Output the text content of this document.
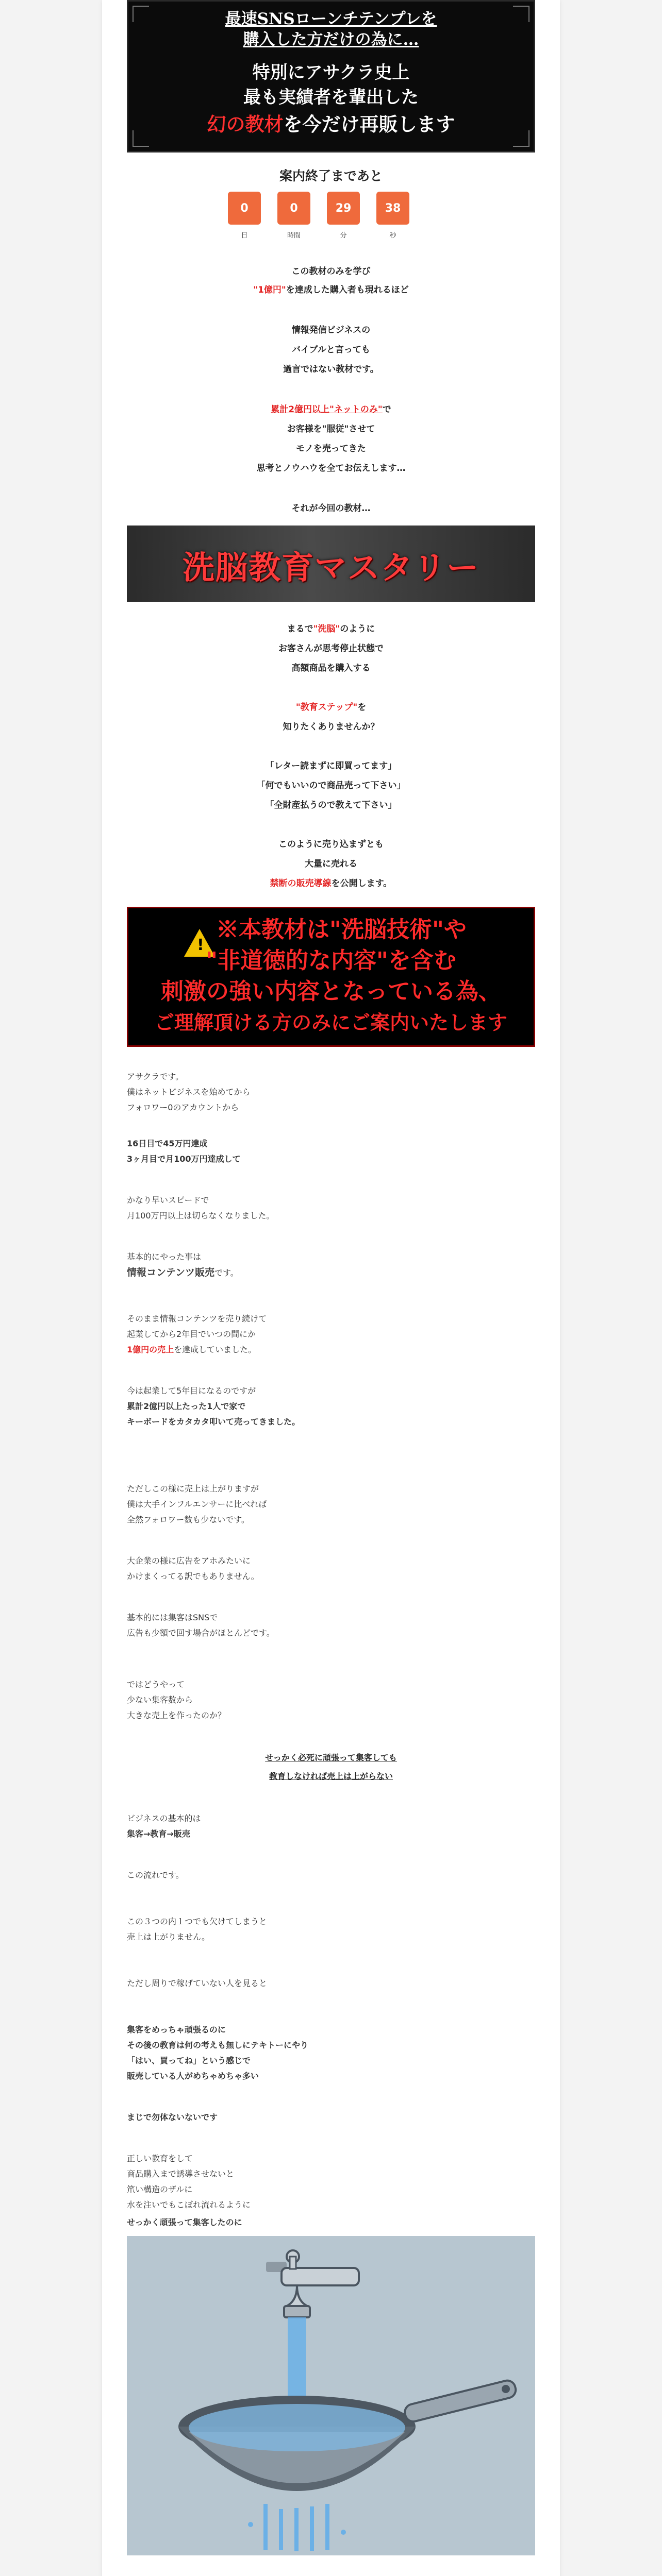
最速SNSローンチテンプレを
購入した方だけの為に…
特別にアサクラ史上
最も実績者を輩出した
幻の教材を今だけ再販します
案内終了まであと
0	0	29	38
日	時間	分	秒
この教材のみを学び
"1億円"を達成した購入者も現れるほど
情報発信ビジネスの
バイブルと言っても
過言ではない教材です。
累計2億円以上"ネットのみ"で
お客様を"服従"させて
モノを売ってきた
思考とノウハウを全てお伝えします…
それが今回の教材…
洗脳教育マスタリー
まるで"洗脳"のように
お客さんが思考停止状態で
高額商品を購入する
"教育ステップ"を
知りたくありませんか？
「レター読まずに即買ってます」
「何でもいいので商品売って下さい」
「全財産払うので教えて下さい」
このように売り込まずとも
大量に売れる
禁断の販売導線を公開します。
!
※本教材は"洗脳技術"や
"非道徳的な内容"を含む
刺激の強い内容となっている為、
ご理解頂ける方のみにご案内いたします
アサクラです。
僕はネットビジネスを始めてから
フォロワー0のアカウントから
16日目で45万円達成
3ヶ月目で月100万円達成して
かなり早いスピードで
月100万円以上は切らなくなりました。
基本的にやった事は
情報コンテンツ販売です。
そのまま情報コンテンツを売り続けて
起業してから2年目でいつの間にか
1億円の売上を達成していました。
今は起業して5年目になるのですが
累計2億円以上たった1人で家で
キーボードをカタカタ叩いて売ってきました。
ただしこの様に売上は上がりますが
僕は大手インフルエンサーに比べれば
全然フォロワー数も少ないです。
大企業の様に広告をアホみたいに
かけまくってる訳でもありません。
基本的には集客はSNSで
広告も少額で回す場合がほとんどです。
ではどうやって
少ない集客数から
大きな売上を作ったのか？
せっかく必死に頑張って集客しても
教育しなければ売上は上がらない
ビジネスの基本的は
集客→教育→販売
この流れです。
この３つの内１つでも欠けてしまうと
売上は上がりません。
ただし周りで稼げていない人を見ると
集客をめっちゃ頑張るのに
その後の教育は何の考えも無しにテキトーにやり
「はい、買ってね」という感じで
販売している人がめちゃめちゃ多い
まじで勿体ないないです
正しい教育をして
商品購入まで誘導させないと
笊い構造のザルに
水を注いでもこぼれ流れるように
せっかく頑張って集客したのに
